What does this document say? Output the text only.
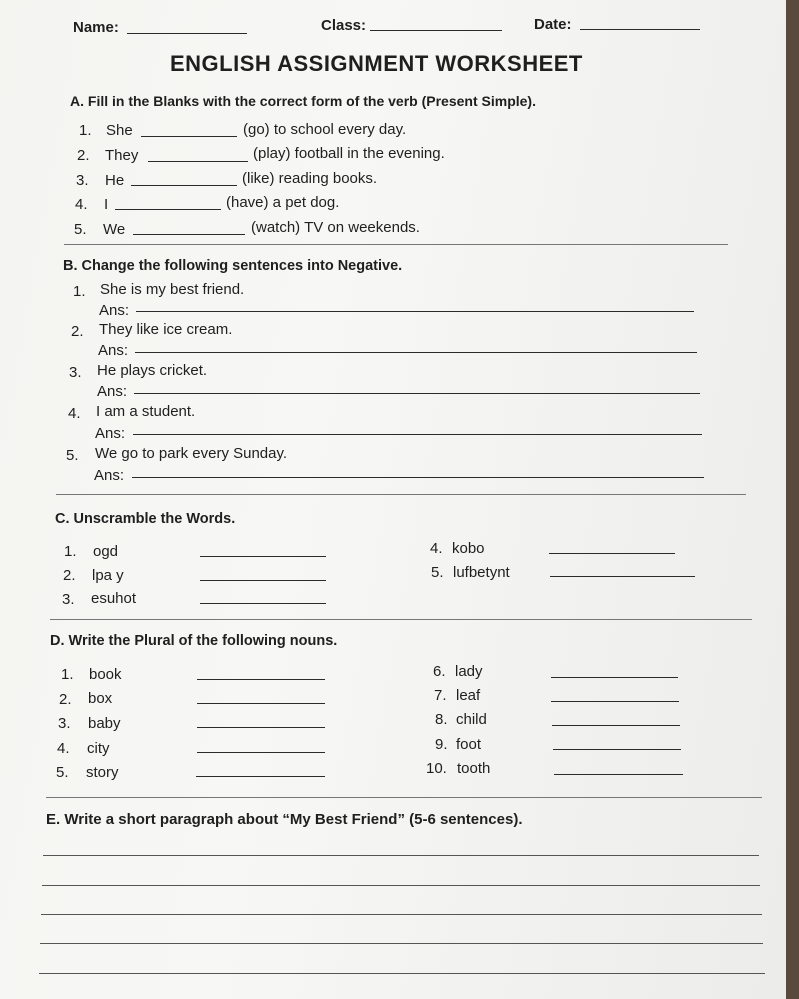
Name:	Class:	Date:
ENGLISH ASSIGNMENT WORKSHEET
A. Fill in the Blanks with the correct form of the verb (Present Simple).
1. She	(go) to school every day.
2. They	(play) football in the evening.
3. He	(like) reading books.
4. I	(have) a pet dog.
5. We	(watch) TV on weekends.
B. Change the following sentences into Negative.
1. She is my best friend.
Ans:
2. They like ice cream.
Ans:
3. He plays cricket.
Ans:
4. I am a student.
Ans:
5. We go to park every Sunday.
Ans:
C. Unscramble the Words.
1. ogd
2. lpa y
3. esuhot
4. kobo
5. lufbetynt
D. Write the Plural of the following nouns.
1. book
2. box
3. baby
4. city
5. story
6. lady
7. leaf
8. child
9. foot
10. tooth
E. Write a short paragraph about “My Best Friend” (5-6 sentences).
